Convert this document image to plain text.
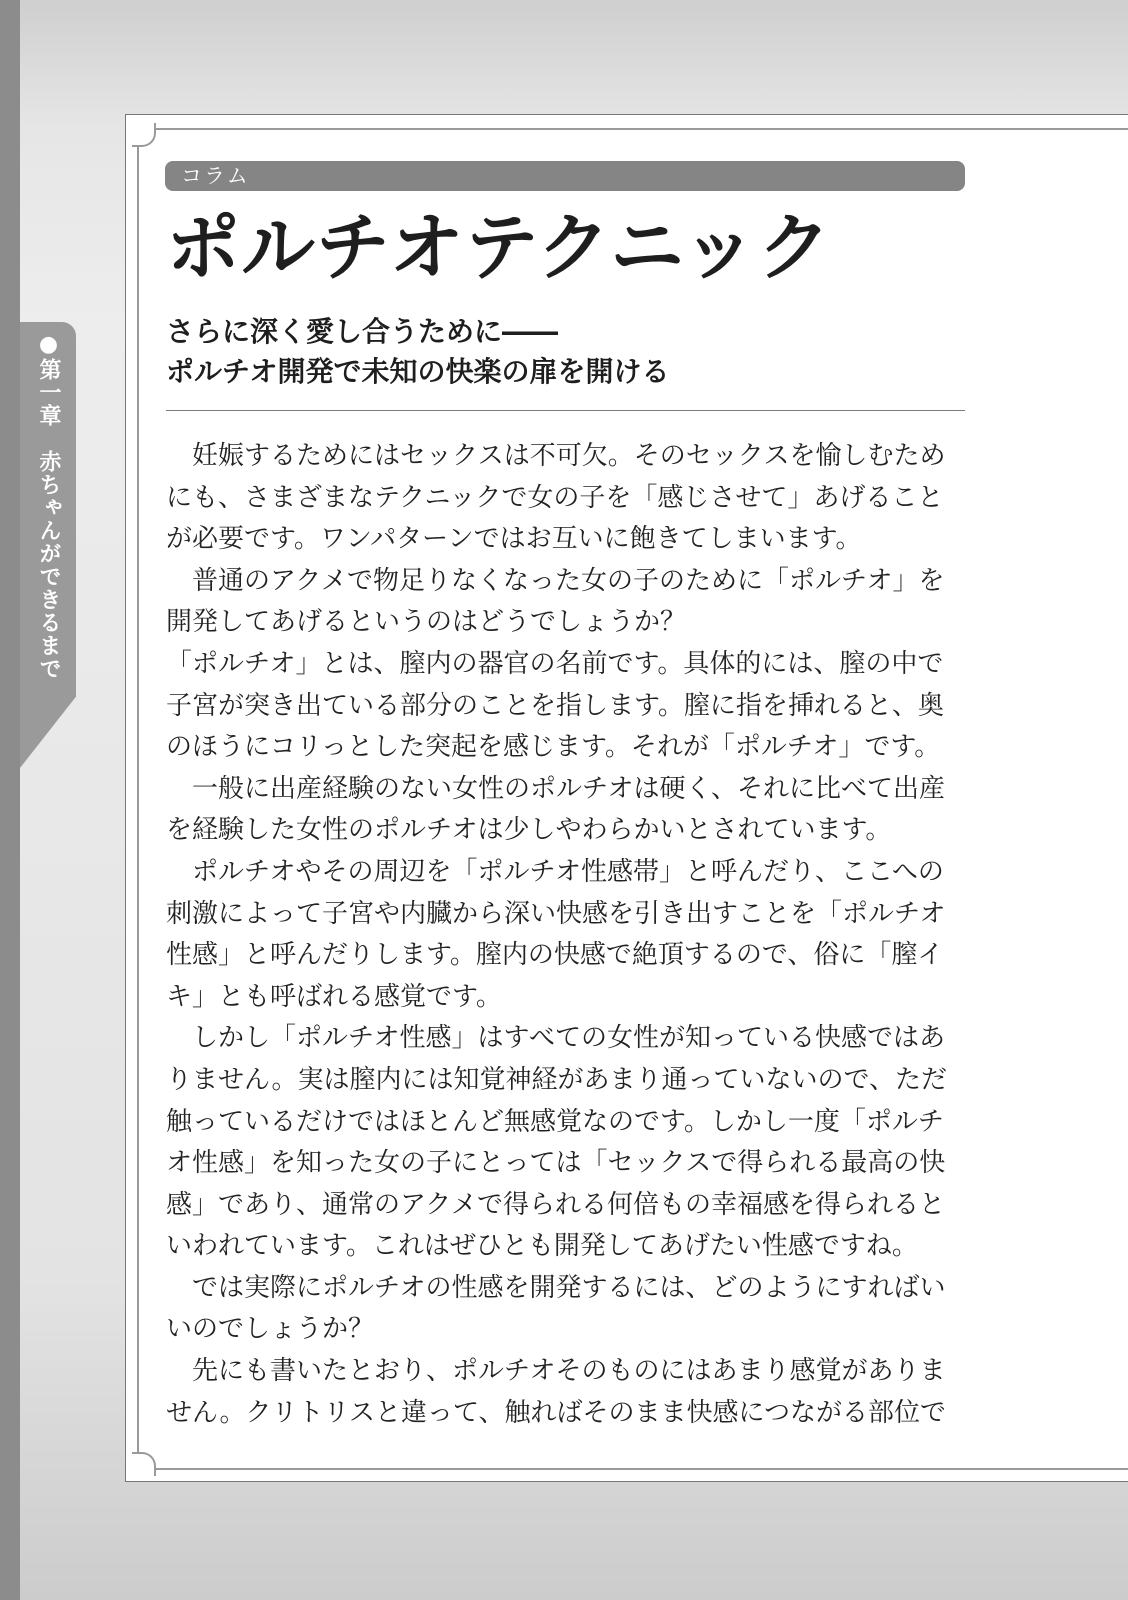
●第一章　赤ちゃんができるまで
コラム
ポルチオテクニック
さらに深く愛し合うために――
ポルチオ開発で未知の快楽の扉を開ける
　妊娠するためにはセックスは不可欠。そのセックスを愉しむため
にも、さまざまなテクニックで女の子を「感じさせて」あげること
が必要です。ワンパターンではお互いに飽きてしまいます。
　普通のアクメで物足りなくなった女の子のために「ポルチオ」を
開発してあげるというのはどうでしょうか？
「ポルチオ」とは、膣内の器官の名前です。具体的には、膣の中で
子宮が突き出ている部分のことを指します。膣に指を挿れると、奥
のほうにコリっとした突起を感じます。それが「ポルチオ」です。
　一般に出産経験のない女性のポルチオは硬く、それに比べて出産
を経験した女性のポルチオは少しやわらかいとされています。
　ポルチオやその周辺を「ポルチオ性感帯」と呼んだり、ここへの
刺激によって子宮や内臓から深い快感を引き出すことを「ポルチオ
性感」と呼んだりします。膣内の快感で絶頂するので、俗に「膣イ
キ」とも呼ばれる感覚です。
　しかし「ポルチオ性感」はすべての女性が知っている快感ではあ
りません。実は膣内には知覚神経があまり通っていないので、ただ
触っているだけではほとんど無感覚なのです。しかし一度「ポルチ
オ性感」を知った女の子にとっては「セックスで得られる最高の快
感」であり、通常のアクメで得られる何倍もの幸福感を得られると
いわれています。これはぜひとも開発してあげたい性感ですね。
　では実際にポルチオの性感を開発するには、どのようにすればい
いのでしょうか？
　先にも書いたとおり、ポルチオそのものにはあまり感覚がありま
せん。クリトリスと違って、触ればそのまま快感につながる部位で
